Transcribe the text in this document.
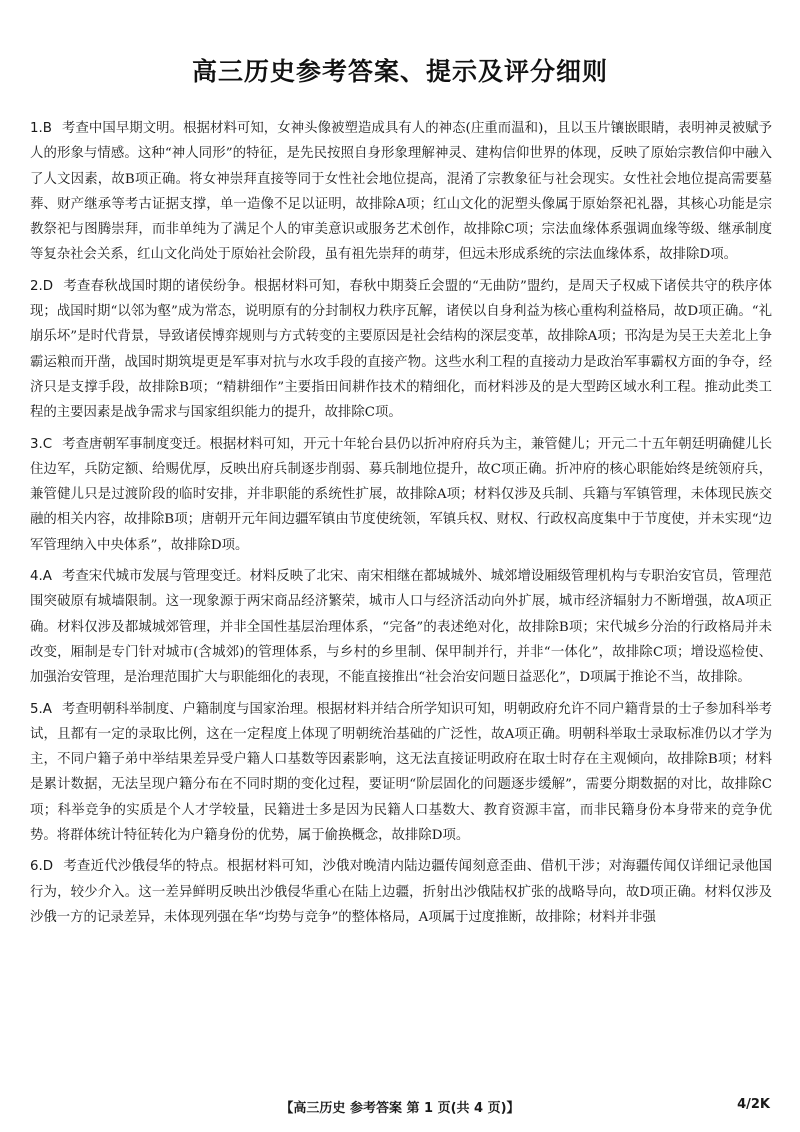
高三历史参考答案、提示及评分细则

1.B 考查中国早期文明。根据材料可知，女神头像被塑造成具有人的神态(庄重而温和)，且以玉片镶嵌眼睛，表明神灵被赋予人的形象与情感。这种“神人同形”的特征，是先民按照自身形象理解神灵、建构信仰世界的体现，反映了原始宗教信仰中融入了人文因素，故B项正确。将女神崇拜直接等同于女性社会地位提高，混淆了宗教象征与社会现实。女性社会地位提高需要墓葬、财产继承等考古证据支撑，单一造像不足以证明，故排除A项；红山文化的泥塑头像属于原始祭祀礼器，其核心功能是宗教祭祀与图腾崇拜，而非单纯为了满足个人的审美意识或服务艺术创作，故排除C项；宗法血缘体系强调血缘等级、继承制度等复杂社会关系，红山文化尚处于原始社会阶段，虽有祖先崇拜的萌芽，但远未形成系统的宗法血缘体系，故排除D项。

2.D 考查春秋战国时期的诸侯纷争。根据材料可知，春秋中期葵丘会盟的“无曲防”盟约，是周天子权威下诸侯共守的秩序体现；战国时期“以邻为壑”成为常态，说明原有的分封制权力秩序瓦解，诸侯以自身利益为核心重构利益格局，故D项正确。“礼崩乐坏”是时代背景，导致诸侯博弈规则与方式转变的主要原因是社会结构的深层变革，故排除A项；邗沟是为吴王夫差北上争霸运粮而开凿，战国时期筑堤更是军事对抗与水攻手段的直接产物。这些水利工程的直接动力是政治军事霸权方面的争夺，经济只是支撑手段，故排除B项；“精耕细作”主要指田间耕作技术的精细化，而材料涉及的是大型跨区域水利工程。推动此类工程的主要因素是战争需求与国家组织能力的提升，故排除C项。

3.C 考查唐朝军事制度变迁。根据材料可知，开元十年轮台县仍以折冲府府兵为主，兼管健儿；开元二十五年朝廷明确健儿长住边军，兵防定额、给赐优厚，反映出府兵制逐步削弱、募兵制地位提升，故C项正确。折冲府的核心职能始终是统领府兵，兼管健儿只是过渡阶段的临时安排，并非职能的系统性扩展，故排除A项；材料仅涉及兵制、兵籍与军镇管理，未体现民族交融的相关内容，故排除B项；唐朝开元年间边疆军镇由节度使统领，军镇兵权、财权、行政权高度集中于节度使，并未实现“边军管理纳入中央体系”，故排除D项。

4.A 考查宋代城市发展与管理变迁。材料反映了北宋、南宋相继在都城城外、城郊增设厢级管理机构与专职治安官员，管理范围突破原有城墙限制。这一现象源于两宋商品经济繁荣，城市人口与经济活动向外扩展，城市经济辐射力不断增强，故A项正确。材料仅涉及都城城郊管理，并非全国性基层治理体系，“完备”的表述绝对化，故排除B项；宋代城乡分治的行政格局并未改变，厢制是专门针对城市(含城郊)的管理体系，与乡村的乡里制、保甲制并行，并非“一体化”，故排除C项；增设巡检使、加强治安管理，是治理范围扩大与职能细化的表现，不能直接推出“社会治安问题日益恶化”，D项属于推论不当，故排除。

5.A 考查明朝科举制度、户籍制度与国家治理。根据材料并结合所学知识可知，明朝政府允许不同户籍背景的士子参加科举考试，且都有一定的录取比例，这在一定程度上体现了明朝统治基础的广泛性，故A项正确。明朝科举取士录取标准仍以才学为主，不同户籍子弟中举结果差异受户籍人口基数等因素影响，这无法直接证明政府在取士时存在主观倾向，故排除B项；材料是累计数据，无法呈现户籍分布在不同时期的变化过程，要证明“阶层固化的问题逐步缓解”，需要分期数据的对比，故排除C项；科举竞争的实质是个人才学较量，民籍进士多是因为民籍人口基数大、教育资源丰富，而非民籍身份本身带来的竞争优势。将群体统计特征转化为户籍身份的优势，属于偷换概念，故排除D项。

6.D 考查近代沙俄侵华的特点。根据材料可知，沙俄对晚清内陆边疆传闻刻意歪曲、借机干涉；对海疆传闻仅详细记录他国行为，较少介入。这一差异鲜明反映出沙俄侵华重心在陆上边疆，折射出沙俄陆权扩张的战略导向，故D项正确。材料仅涉及沙俄一方的记录差异，未体现列强在华“均势与竞争”的整体格局，A项属于过度推断，故排除；材料并非强

【高三历史 参考答案 第 1 页(共 4 页)】	4/2K
